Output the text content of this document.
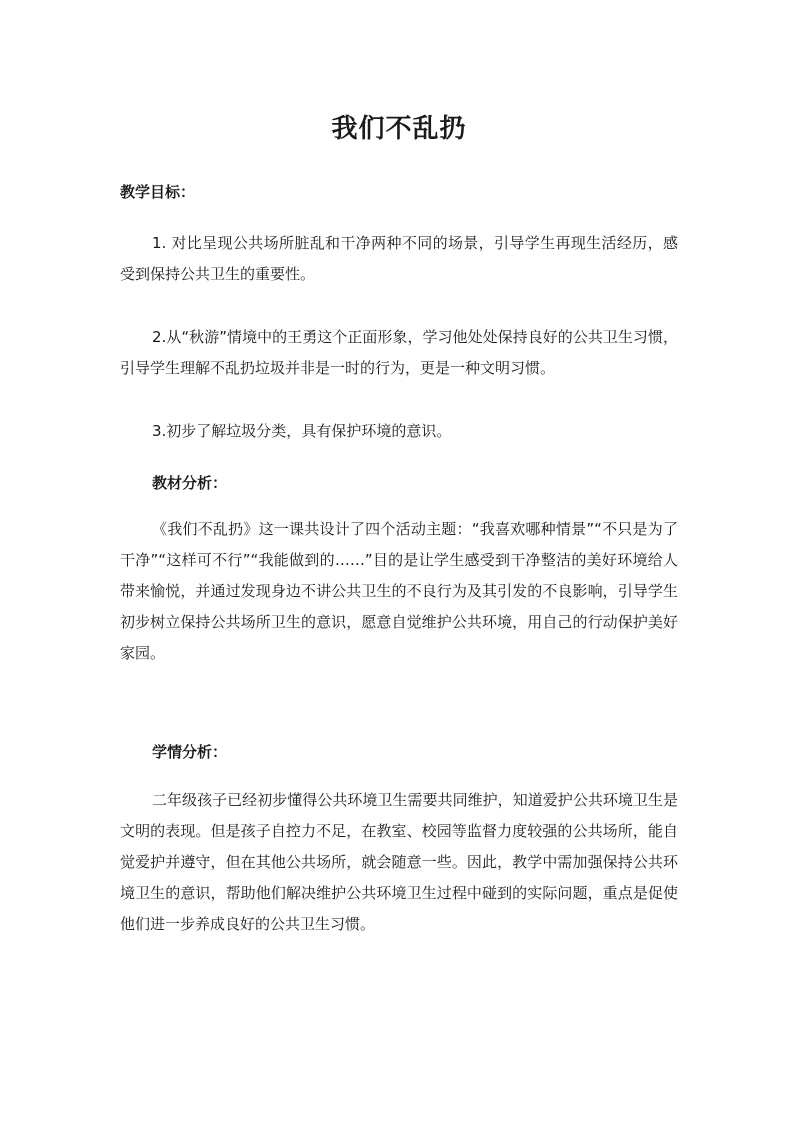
我们不乱扔
教学目标：

1. 对比呈现公共场所脏乱和干净两种不同的场景，引导学生再现生活经历，感受到保持公共卫生的重要性。

2.从“秋游”情境中的王勇这个正面形象，学习他处处保持良好的公共卫生习惯，引导学生理解不乱扔垃圾并非是一时的行为，更是一种文明习惯。

3.初步了解垃圾分类，具有保护环境的意识。

教材分析：

《我们不乱扔》这一课共设计了四个活动主题：“我喜欢哪种情景”“不只是为了干净”“这样可不行”“我能做到的……”目的是让学生感受到干净整洁的美好环境给人带来愉悦，并通过发现身边不讲公共卫生的不良行为及其引发的不良影响，引导学生初步树立保持公共场所卫生的意识，愿意自觉维护公共环境，用自己的行动保护美好家园。

学情分析：

二年级孩子已经初步懂得公共环境卫生需要共同维护，知道爱护公共环境卫生是文明的表现。但是孩子自控力不足，在教室、校园等监督力度较强的公共场所，能自觉爱护并遵守，但在其他公共场所，就会随意一些。因此，教学中需加强保持公共环境卫生的意识，帮助他们解决维护公共环境卫生过程中碰到的实际问题，重点是促使他们进一步养成良好的公共卫生习惯。
